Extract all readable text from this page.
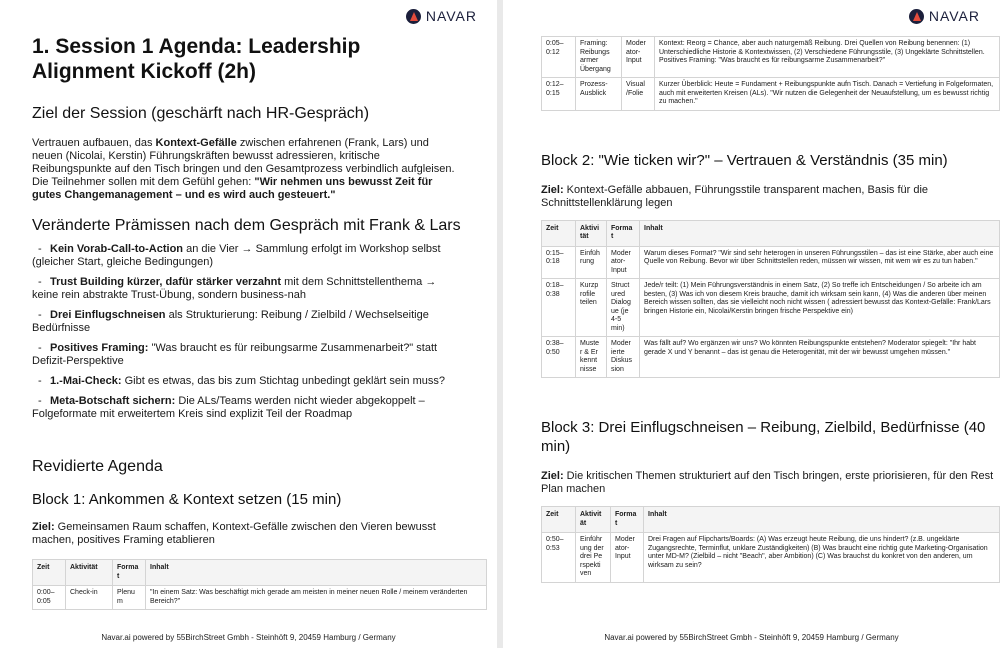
NAVAR
1. Session 1 Agenda: Leadership Alignment Kickoff (2h)
Ziel der Session (geschärft nach HR-Gespräch)

Vertrauen aufbauen, das Kontext-Gefälle zwischen erfahrenen (Frank, Lars) und neuen (Nicolai, Kerstin) Führungskräften bewusst adressieren, kritische Reibungspunkte auf den Tisch bringen und den Gesamtprozess verbindlich aufgleisen. Die Teilnehmer sollen mit dem Gefühl gehen: "Wir nehmen uns bewusst Zeit für gutes Changemanagement – und es wird auch gesteuert."

Veränderte Prämissen nach dem Gespräch mit Frank & Lars

- Kein Vorab-Call-to-Action an die Vier → Sammlung erfolgt im Workshop selbst (gleicher Start, gleiche Bedingungen)

- Trust Building kürzer, dafür stärker verzahnt mit dem Schnittstellenthema → keine rein abstrakte Trust-Übung, sondern business-nah

- Drei Einflugschneisen als Strukturierung: Reibung / Zielbild / Wechselseitige Bedürfnisse

- Positives Framing: "Was braucht es für reibungsarme Zusammenarbeit?" statt Defizit-Perspektive

- 1.-Mai-Check: Gibt es etwas, das bis zum Stichtag unbedingt geklärt sein muss?

- Meta-Botschaft sichern: Die ALs/Teams werden nicht wieder abgekoppelt – Folgeformate mit erweitertem Kreis sind explizit Teil der Roadmap

Revidierte Agenda
Block 1: Ankommen & Kontext setzen (15 min)

Ziel: Gemeinsamen Raum schaffen, Kontext-Gefälle zwischen den Vieren bewusst machen, positives Framing etablieren

Zeit	Aktivität	Forma t	Inhalt
0:00– 0:05	Check-in	Plenu m	"In einem Satz: Was beschäftigt mich gerade am meisten in meiner neuen Rolle / meinem veränderten Bereich?"
Navar.ai powered by 55BirchStreet Gmbh - Steinhöft 9, 20459 Hamburg / Germany
NAVAR
0:05– 0:12	Framing: Reibungs armer Übergang	Moder ator-Input	Kontext: Reorg = Chance, aber auch naturgemäß Reibung. Drei Quellen von Reibung benennen: (1) Unterschiedliche Historie & Kontextwissen, (2) Verschiedene Führungsstile, (3) Ungeklärte Schnittstellen. Positives Framing: "Was braucht es für reibungsarme Zusammenarbeit?"
0:12– 0:15	Prozess-Ausblick	Visual /Folie	Kurzer Überblick: Heute = Fundament + Reibungspunkte aufn Tisch. Danach = Vertiefung in Folgeformaten, auch mit erweiterten Kreisen (ALs). "Wir nutzen die Gelegenheit der Neuaufstellung, um es bewusst richtig zu machen."
Block 2: "Wie ticken wir?" – Vertrauen & Verständnis (35 min)

Ziel: Kontext-Gefälle abbauen, Führungsstile transparent machen, Basis für die Schnittstellenklärung legen

Zeit	Aktivi tät	Forma t	Inhalt
0:15– 0:18	Einfüh rung	Moder ator-Input	Warum dieses Format? "Wir sind sehr heterogen in unseren Führungsstilen – das ist eine Stärke, aber auch eine Quelle von Reibung. Bevor wir über Schnittstellen reden, müssen wir wissen, mit wem wir es zu tun haben."
0:18– 0:38	Kurzp rofile teilen	Struct ured Dialog ue (je 4-5 min)	Jede/r teilt: (1) Mein Führungsverständnis in einem Satz, (2) So treffe ich Entscheidungen / So arbeite ich am besten, (3) Was ich von diesem Kreis brauche, damit ich wirksam sein kann, (4) Was die anderen über meinen Bereich wissen sollten, das sie vielleicht noch nicht wissen ( adressiert bewusst das Kontext-Gefälle: Frank/Lars bringen Historie ein, Nicolai/Kerstin bringen frische Perspektive ein)
0:38– 0:50	Muste r & Er kennt nisse	Moder ierte Diskus sion	Was fällt auf? Wo ergänzen wir uns? Wo könnten Reibungspunkte entstehen? Moderator spiegelt: "Ihr habt gerade X und Y benannt – das ist genau die Heterogenität, mit der wir bewusst umgehen müssen."
Block 3: Drei Einflugschneisen – Reibung, Zielbild, Bedürfnisse (40 min)

Ziel: Die kritischen Themen strukturiert auf den Tisch bringen, erste priorisieren, für den Rest Plan machen

Zeit	Aktivit ät	Forma t	Inhalt
0:50– 0:53	Einführ ung der drei Pe rspekti ven	Moder ator-Input	Drei Fragen auf Flipcharts/Boards: (A) Was erzeugt heute Reibung, die uns hindert? (z.B. ungeklärte Zugangsrechte, Terminflut, unklare Zuständigkeiten) (B) Was braucht eine richtig gute Marketing-Organisation unter MD-M? (Zielbild – nicht "Beach", aber Ambition) (C) Was brauchst du konkret von den anderen, um wirksam zu sein?
Navar.ai powered by 55BirchStreet Gmbh - Steinhöft 9, 20459 Hamburg / Germany
